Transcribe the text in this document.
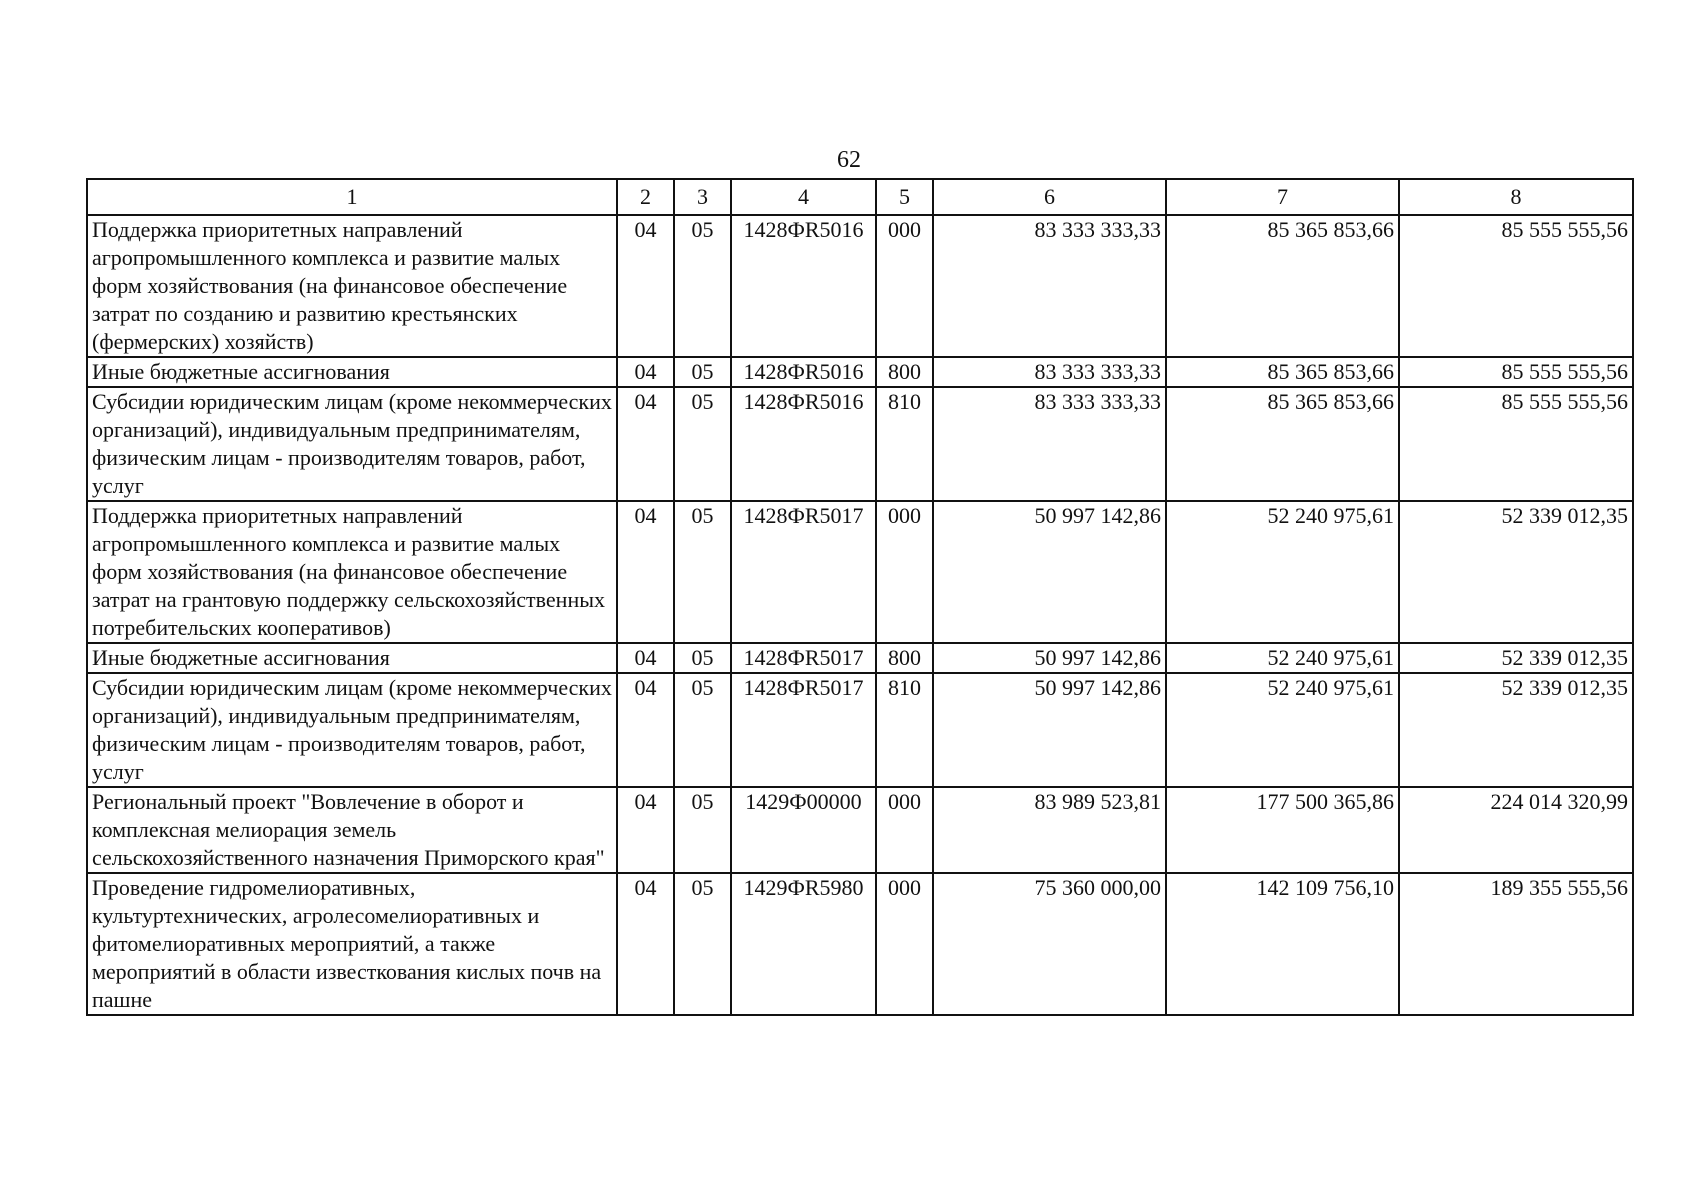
62
1	2	3	4	5	6	7	8
Поддержка приоритетных направлений агропромышленного комплекса и развитие малых форм хозяйствования (на финансовое обеспечение затрат по созданию и развитию крестьянских (фермерских) хозяйств)	04	05	1428ФR5016	000	83 333 333,33	85 365 853,66	85 555 555,56
Иные бюджетные ассигнования	04	05	1428ФR5016	800	83 333 333,33	85 365 853,66	85 555 555,56
Субсидии юридическим лицам (кроме некоммерческих организаций), индивидуальным предпринимателям, физическим лицам - производителям товаров, работ, услуг	04	05	1428ФR5016	810	83 333 333,33	85 365 853,66	85 555 555,56
Поддержка приоритетных направлений агропромышленного комплекса и развитие малых форм хозяйствования (на финансовое обеспечение затрат на грантовую поддержку сельскохозяйственных потребительских кооперативов)	04	05	1428ФR5017	000	50 997 142,86	52 240 975,61	52 339 012,35
Иные бюджетные ассигнования	04	05	1428ФR5017	800	50 997 142,86	52 240 975,61	52 339 012,35
Субсидии юридическим лицам (кроме некоммерческих организаций), индивидуальным предпринимателям, физическим лицам - производителям товаров, работ, услуг	04	05	1428ФR5017	810	50 997 142,86	52 240 975,61	52 339 012,35
Региональный проект "Вовлечение в оборот и комплексная мелиорация земель сельскохозяйственного назначения Приморского края"	04	05	1429Ф00000	000	83 989 523,81	177 500 365,86	224 014 320,99
Проведение гидромелиоративных, культуртехнических, агролесомелиоративных и фитомелиоративных мероприятий, а также мероприятий в области известкования кислых почв на пашне	04	05	1429ФR5980	000	75 360 000,00	142 109 756,10	189 355 555,56
